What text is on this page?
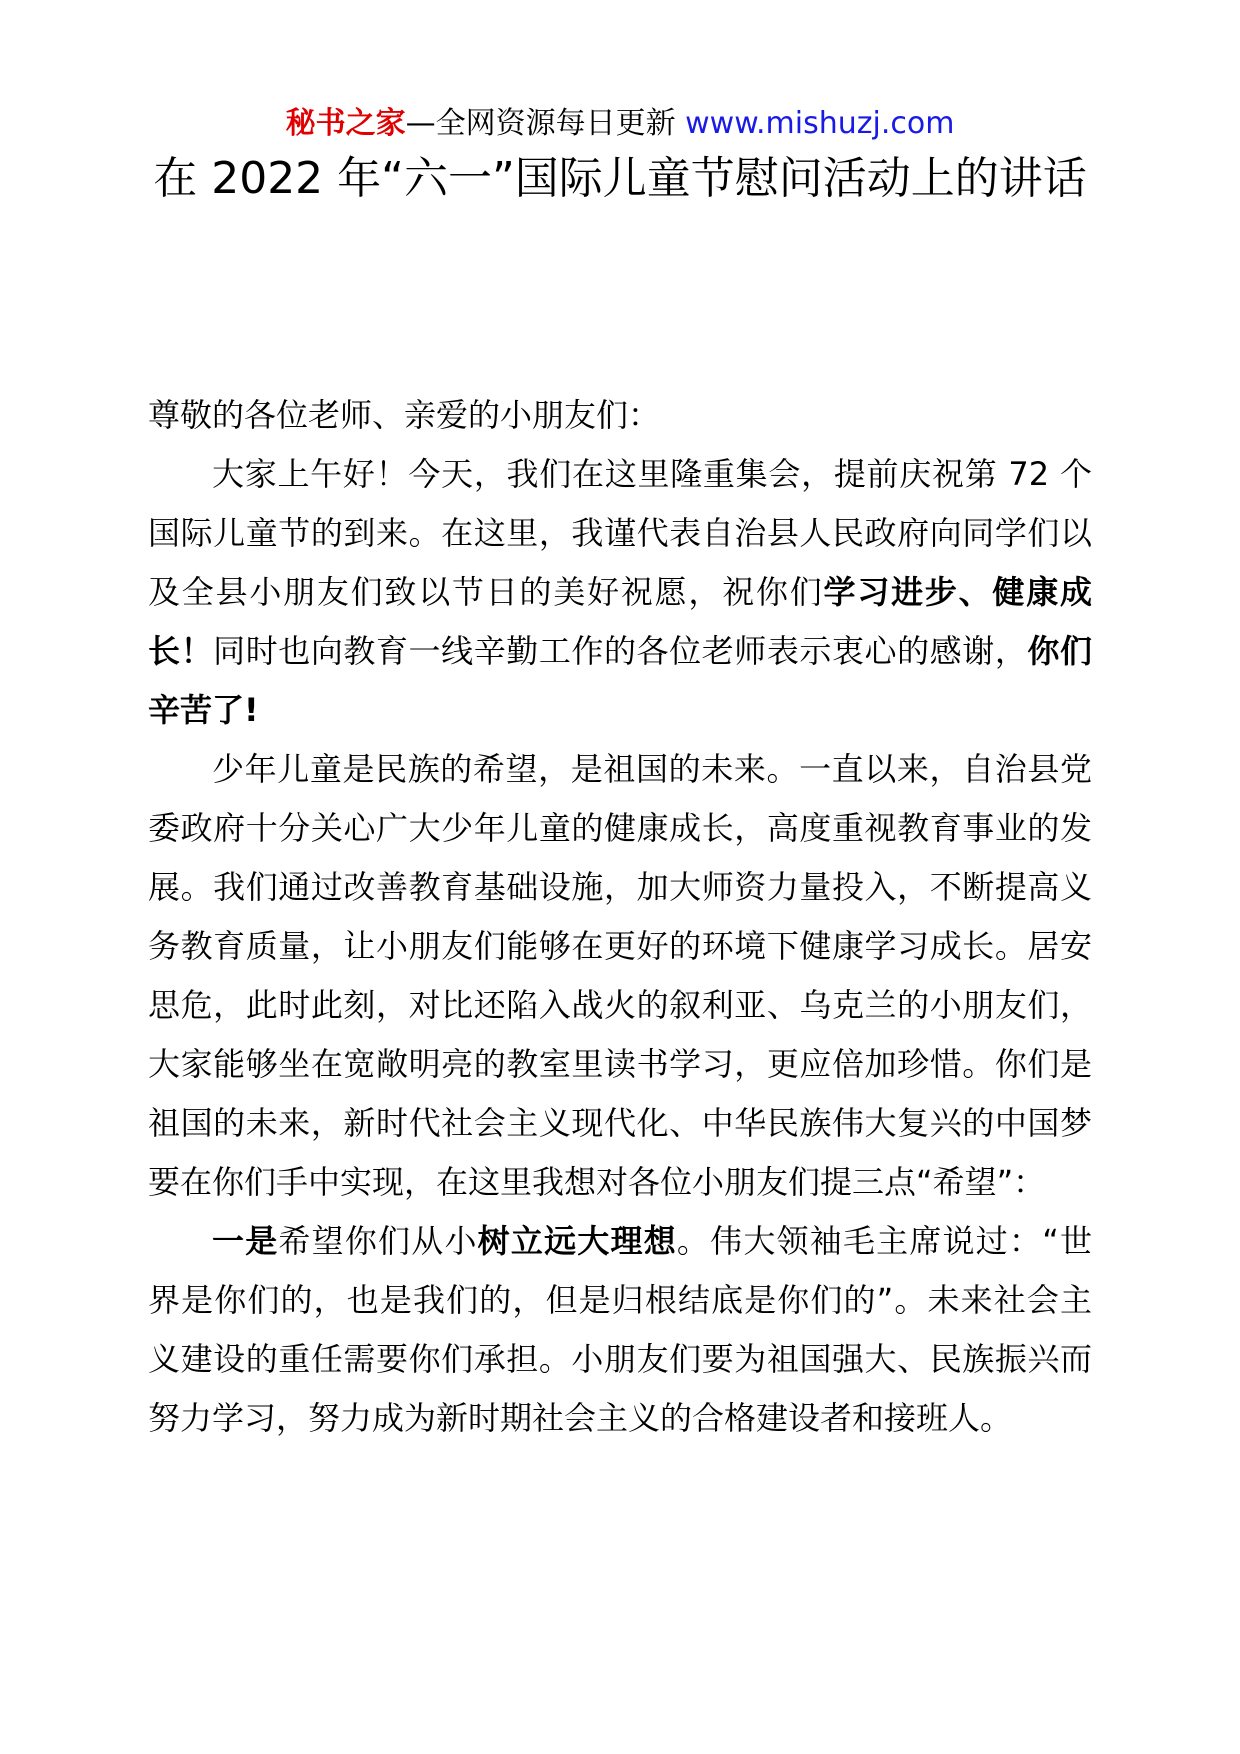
秘书之家—全网资源每日更新 www.mishuzj.com
在 2022 年“六一”国际儿童节慰问活动上的讲话

尊敬的各位老师、亲爱的小朋友们：

大家上午好！今天，我们在这里隆重集会，提前庆祝第 72 个国际儿童节的到来。在这里，我谨代表自治县人民政府向同学们以及全县小朋友们致以节日的美好祝愿，祝你们学习进步、健康成长！同时也向教育一线辛勤工作的各位老师表示衷心的感谢，你们辛苦了!

少年儿童是民族的希望，是祖国的未来。一直以来，自治县党委政府十分关心广大少年儿童的健康成长，高度重视教育事业的发展。我们通过改善教育基础设施，加大师资力量投入，不断提高义务教育质量，让小朋友们能够在更好的环境下健康学习成长。居安思危，此时此刻，对比还陷入战火的叙利亚、乌克兰的小朋友们，大家能够坐在宽敞明亮的教室里读书学习，更应倍加珍惜。你们是祖国的未来，新时代社会主义现代化、中华民族伟大复兴的中国梦要在你们手中实现，在这里我想对各位小朋友们提三点“希望”：

一是希望你们从小树立远大理想。伟大领袖毛主席说过：“世界是你们的，也是我们的，但是归根结底是你们的”。未来社会主义建设的重任需要你们承担。小朋友们要为祖国强大、民族振兴而努力学习，努力成为新时期社会主义的合格建设者和接班人。
